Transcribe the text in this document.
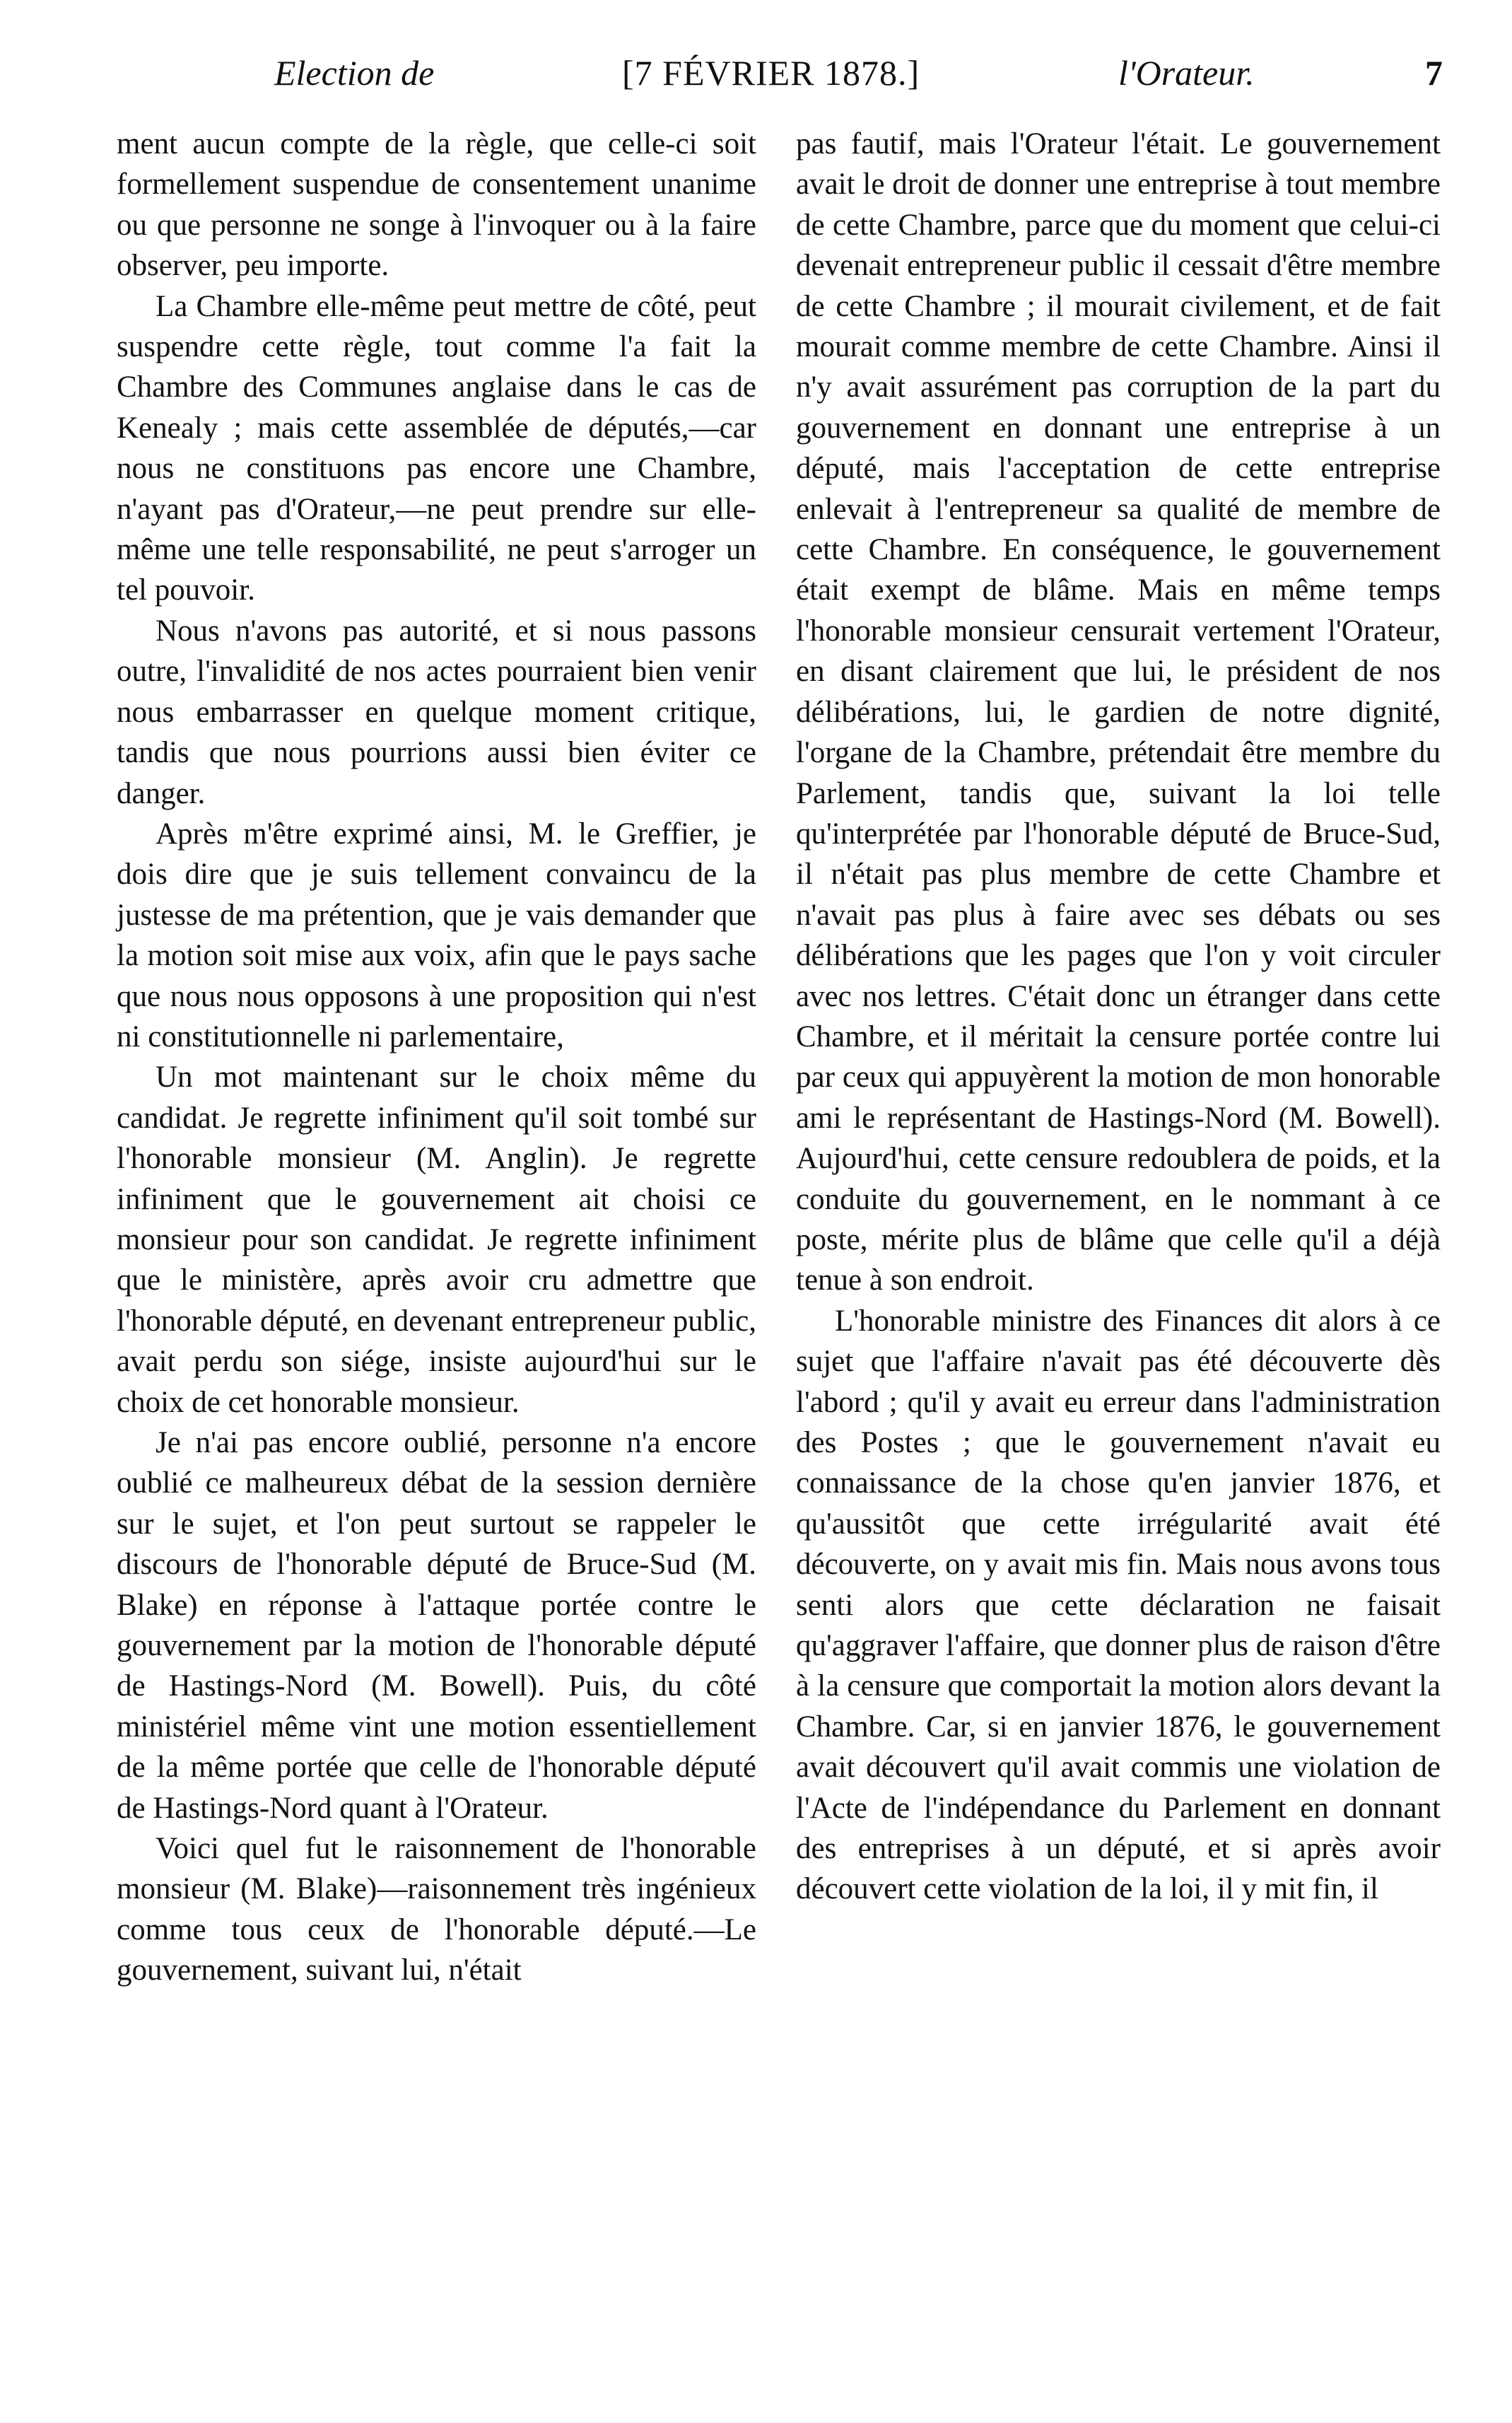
Election de	[7 FÉVRIER 1878.]	l'Orateur.	7

ment aucun compte de la règle, que celle-ci soit formellement suspendue de consentement unanime ou que personne ne songe à l'invoquer ou à la faire observer, peu importe.

La Chambre elle-même peut mettre de côté, peut suspendre cette règle, tout comme l'a fait la Chambre des Communes anglaise dans le cas de Kenealy ; mais cette assemblée de députés,—car nous ne constituons pas encore une Chambre, n'ayant pas d'Orateur,—ne peut prendre sur elle-même une telle responsabilité, ne peut s'arroger un tel pouvoir.

Nous n'avons pas autorité, et si nous passons outre, l'invalidité de nos actes pourraient bien venir nous embarrasser en quelque moment critique, tandis que nous pourrions aussi bien éviter ce danger.

Après m'être exprimé ainsi, M. le Greffier, je dois dire que je suis tellement convaincu de la justesse de ma prétention, que je vais demander que la motion soit mise aux voix, afin que le pays sache que nous nous opposons à une proposition qui n'est ni constitutionnelle ni parlementaire,

Un mot maintenant sur le choix même du candidat. Je regrette infiniment qu'il soit tombé sur l'honorable monsieur (M. Anglin). Je regrette infiniment que le gouvernement ait choisi ce monsieur pour son candidat. Je regrette infiniment que le ministère, après avoir cru admettre que l'honorable député, en devenant entrepreneur public, avait perdu son siége, insiste aujourd'hui sur le choix de cet honorable monsieur.

Je n'ai pas encore oublié, personne n'a encore oublié ce malheureux débat de la session dernière sur le sujet, et l'on peut surtout se rappeler le discours de l'honorable député de Bruce-Sud (M. Blake) en réponse à l'attaque portée contre le gouvernement par la motion de l'honorable député de Hastings-Nord (M. Bowell). Puis, du côté ministériel même vint une motion essentiellement de la même portée que celle de l'honorable député de Hastings-Nord quant à l'Orateur.

Voici quel fut le raisonnement de l'honorable monsieur (M. Blake)—raisonnement très ingénieux comme tous ceux de l'honorable député.—Le gouvernement, suivant lui, n'était

pas fautif, mais l'Orateur l'était. Le gouvernement avait le droit de donner une entreprise à tout membre de cette Chambre, parce que du moment que celui-ci devenait entrepreneur public il cessait d'être membre de cette Chambre ; il mourait civilement, et de fait mourait comme membre de cette Chambre. Ainsi il n'y avait assurément pas corruption de la part du gouvernement en donnant une entreprise à un député, mais l'acceptation de cette entreprise enlevait à l'entrepreneur sa qualité de membre de cette Chambre. En conséquence, le gouvernement était exempt de blâme. Mais en même temps l'honorable monsieur censurait vertement l'Orateur, en disant clairement que lui, le président de nos délibérations, lui, le gardien de notre dignité, l'organe de la Chambre, prétendait être membre du Parlement, tandis que, suivant la loi telle qu'interprétée par l'honorable député de Bruce-Sud, il n'était pas plus membre de cette Chambre et n'avait pas plus à faire avec ses débats ou ses délibérations que les pages que l'on y voit circuler avec nos lettres. C'était donc un étranger dans cette Chambre, et il méritait la censure portée contre lui par ceux qui appuyèrent la motion de mon honorable ami le représentant de Hastings-Nord (M. Bowell). Aujourd'hui, cette censure redoublera de poids, et la conduite du gouvernement, en le nommant à ce poste, mérite plus de blâme que celle qu'il a déjà tenue à son endroit.

L'honorable ministre des Finances dit alors à ce sujet que l'affaire n'avait pas été découverte dès l'abord ; qu'il y avait eu erreur dans l'administration des Postes ; que le gouvernement n'avait eu connaissance de la chose qu'en janvier 1876, et qu'aussitôt que cette irrégularité avait été découverte, on y avait mis fin. Mais nous avons tous senti alors que cette déclaration ne faisait qu'aggraver l'affaire, que donner plus de raison d'être à la censure que comportait la motion alors devant la Chambre. Car, si en janvier 1876, le gouvernement avait découvert qu'il avait commis une violation de l'Acte de l'indépendance du Parlement en donnant des entreprises à un député, et si après avoir découvert cette violation de la loi, il y mit fin, il
